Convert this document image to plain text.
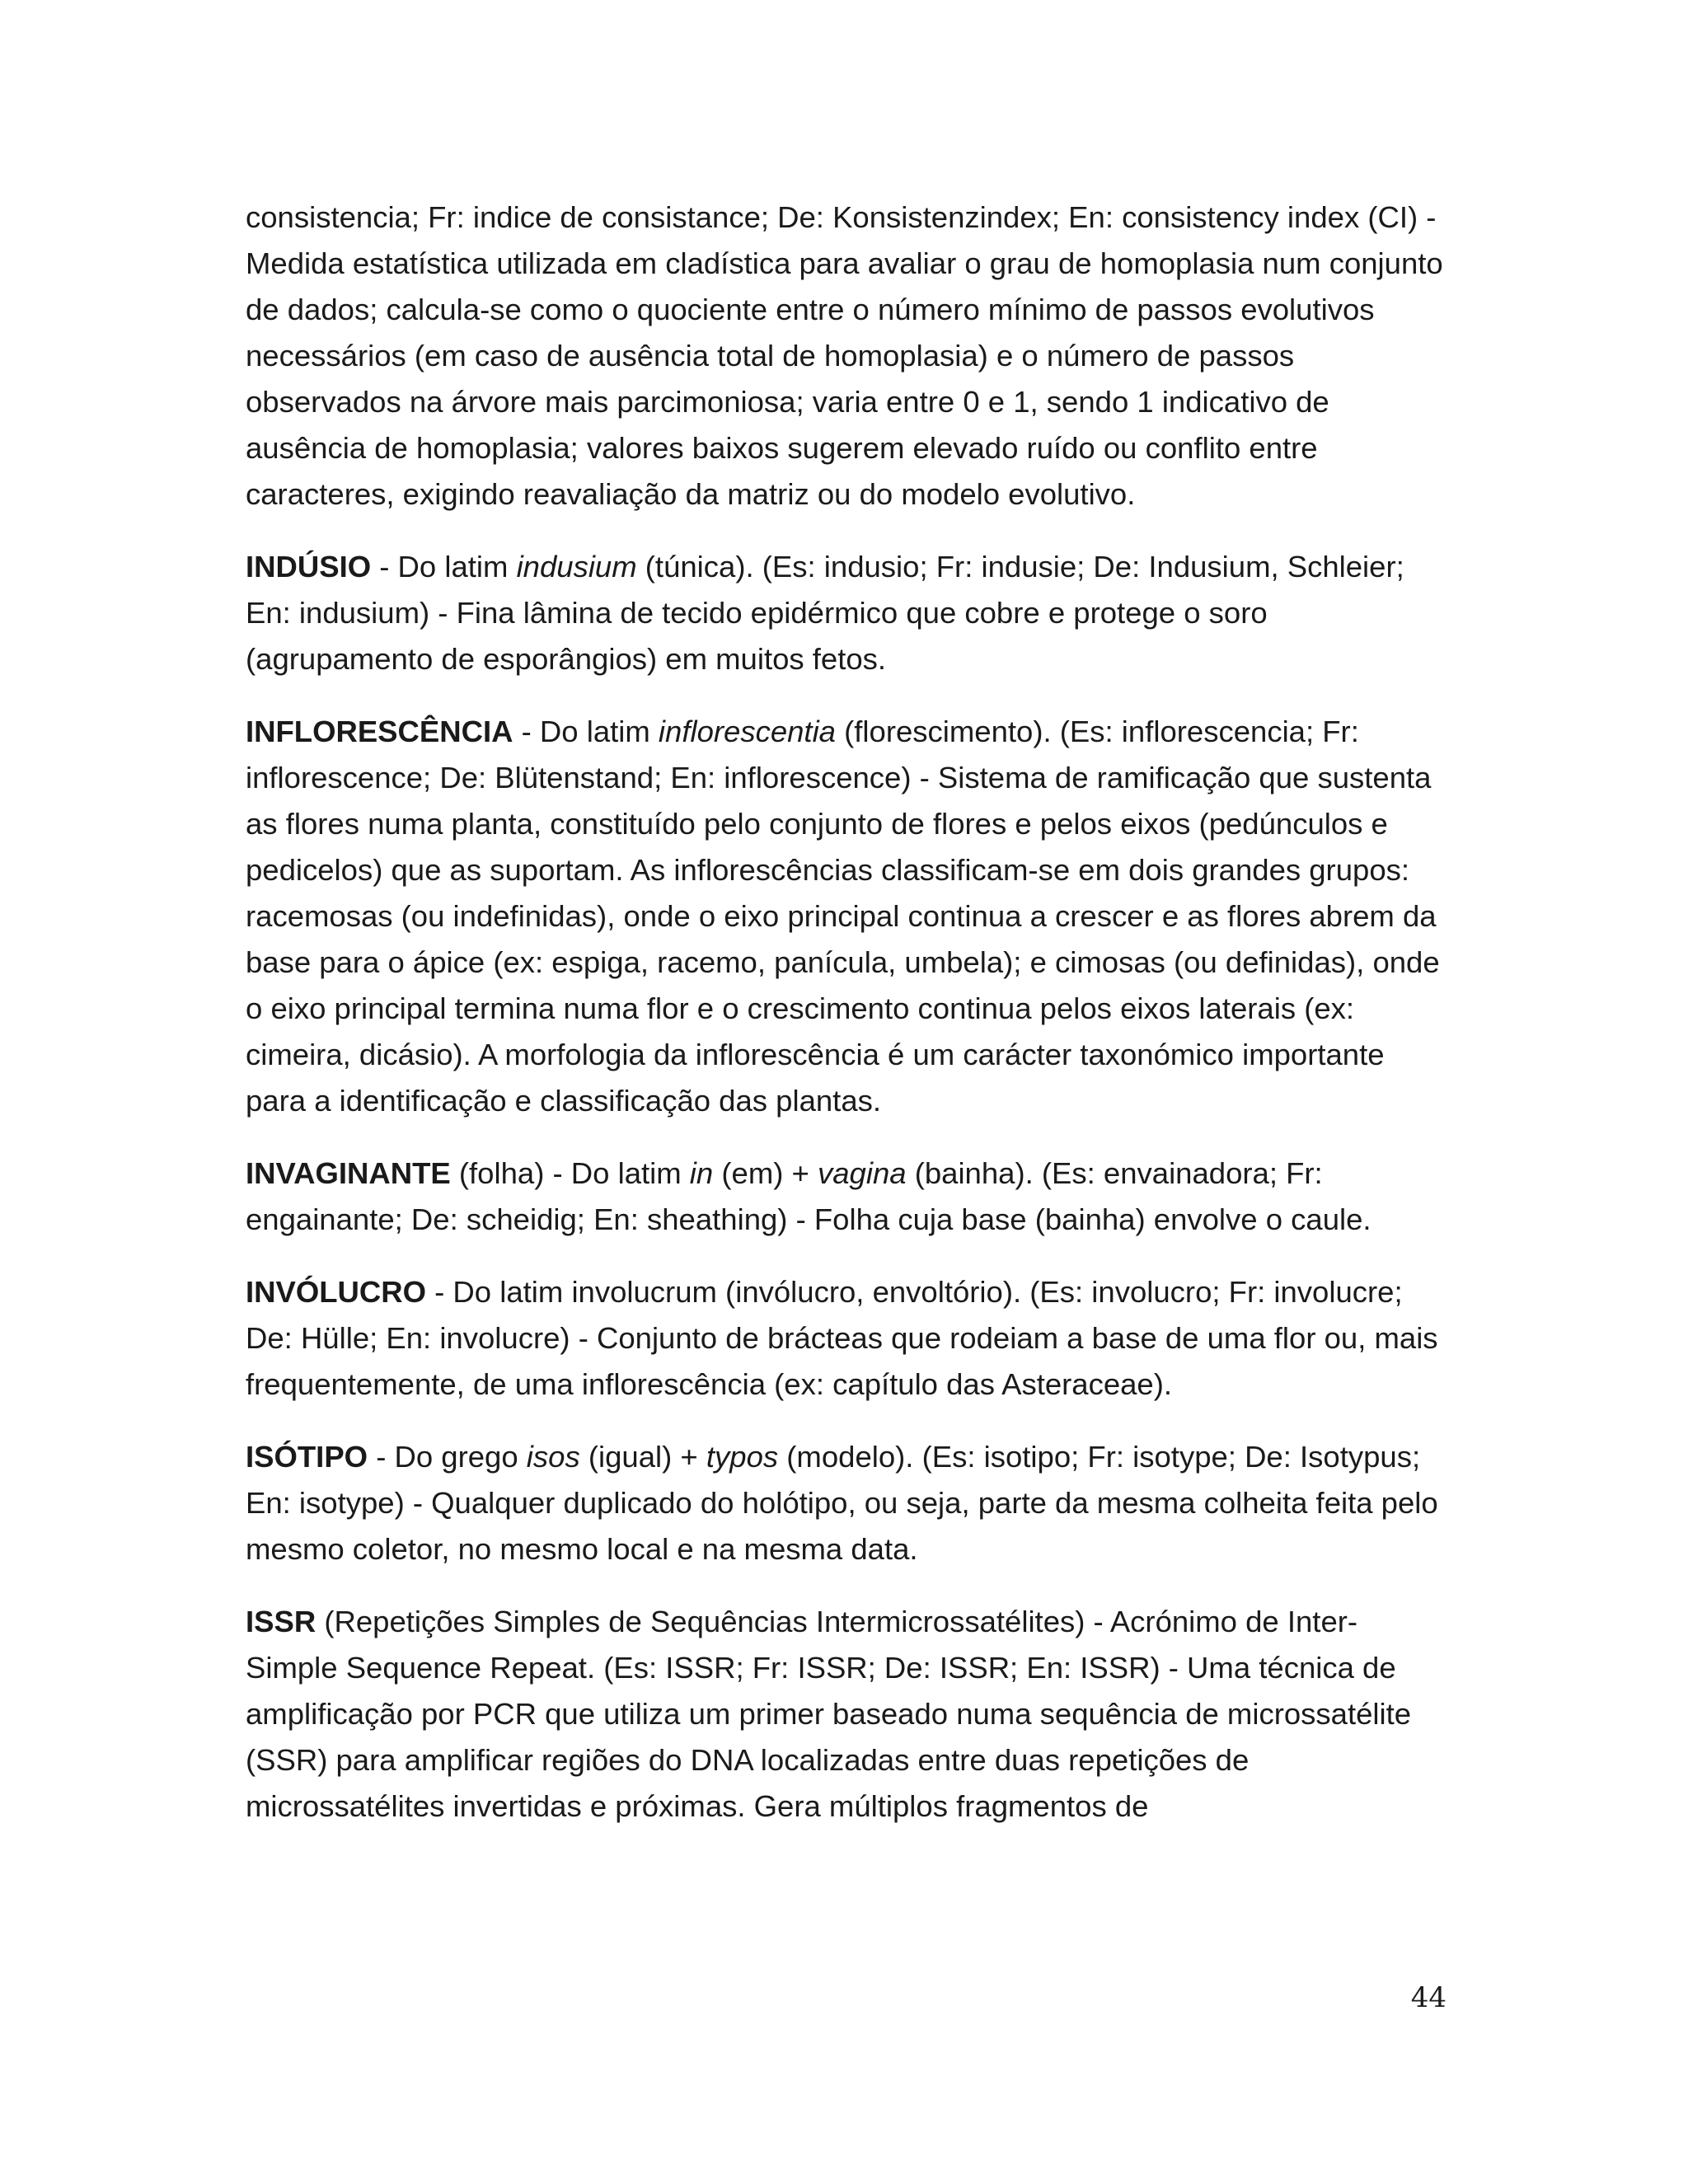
consistencia; Fr: indice de consistance; De: Konsistenzindex; En: consistency index (CI) - Medida estatística utilizada em cladística para avaliar o grau de homoplasia num conjunto de dados; calcula-se como o quociente entre o número mínimo de passos evolutivos necessários (em caso de ausência total de homoplasia) e o número de passos observados na árvore mais parcimoniosa; varia entre 0 e 1, sendo 1 indicativo de ausência de homoplasia; valores baixos sugerem elevado ruído ou conflito entre caracteres, exigindo reavaliação da matriz ou do modelo evolutivo.

INDÚSIO - Do latim indusium (túnica). (Es: indusio; Fr: indusie; De: Indusium, Schleier; En: indusium) - Fina lâmina de tecido epidérmico que cobre e protege o soro (agrupamento de esporângios) em muitos fetos.

INFLORESCÊNCIA - Do latim inflorescentia (florescimento). (Es: inflorescencia; Fr: inflorescence; De: Blütenstand; En: inflorescence) - Sistema de ramificação que sustenta as flores numa planta, constituído pelo conjunto de flores e pelos eixos (pedúnculos e pedicelos) que as suportam. As inflorescências classificam-se em dois grandes grupos: racemosas (ou indefinidas), onde o eixo principal continua a crescer e as flores abrem da base para o ápice (ex: espiga, racemo, panícula, umbela); e cimosas (ou definidas), onde o eixo principal termina numa flor e o crescimento continua pelos eixos laterais (ex: cimeira, dicásio). A morfologia da inflorescência é um carácter taxonómico importante para a identificação e classificação das plantas.

INVAGINANTE (folha) - Do latim in (em) + vagina (bainha). (Es: envainadora; Fr: engainante; De: scheidig; En: sheathing) - Folha cuja base (bainha) envolve o caule.

INVÓLUCRO - Do latim involucrum (invólucro, envoltório). (Es: involucro; Fr: involucre; De: Hülle; En: involucre) - Conjunto de brácteas que rodeiam a base de uma flor ou, mais frequentemente, de uma inflorescência (ex: capítulo das Asteraceae).

ISÓTIPO - Do grego isos (igual) + typos (modelo). (Es: isotipo; Fr: isotype; De: Isotypus; En: isotype) - Qualquer duplicado do holótipo, ou seja, parte da mesma colheita feita pelo mesmo coletor, no mesmo local e na mesma data.

ISSR (Repetições Simples de Sequências Intermicrossatélites) - Acrónimo de Inter-Simple Sequence Repeat. (Es: ISSR; Fr: ISSR; De: ISSR; En: ISSR) - Uma técnica de amplificação por PCR que utiliza um primer baseado numa sequência de microssatélite (SSR) para amplificar regiões do DNA localizadas entre duas repetições de microssatélites invertidas e próximas. Gera múltiplos fragmentos de

44
